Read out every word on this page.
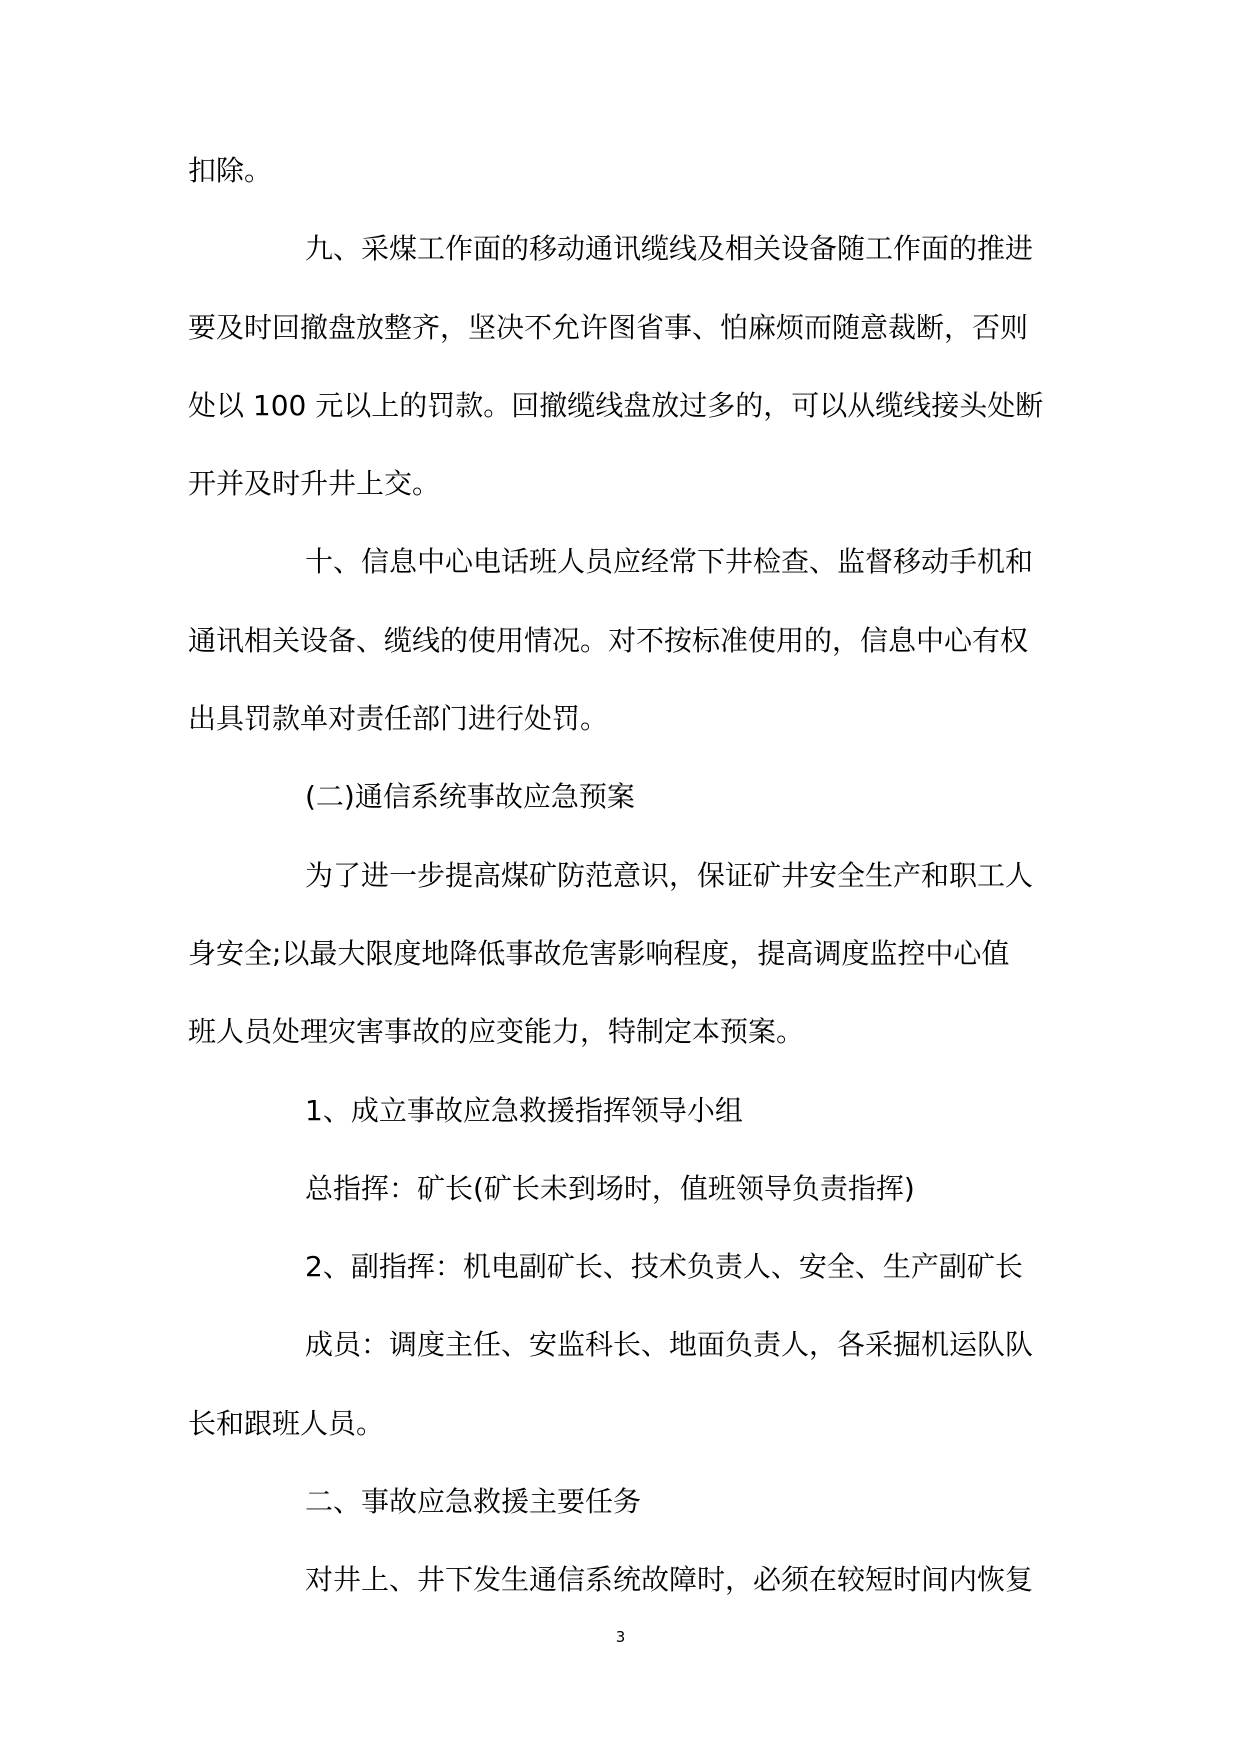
扣除。

九、采煤工作面的移动通讯缆线及相关设备随工作面的推进

要及时回撤盘放整齐，坚决不允许图省事、怕麻烦而随意裁断，否则

处以 100 元以上的罚款。回撤缆线盘放过多的，可以从缆线接头处断

开并及时升井上交。

十、信息中心电话班人员应经常下井检查、监督移动手机和

通讯相关设备、缆线的使用情况。对不按标准使用的，信息中心有权

出具罚款单对责任部门进行处罚。

(二)通信系统事故应急预案

为了进一步提高煤矿防范意识，保证矿井安全生产和职工人

身安全;以最大限度地降低事故危害影响程度，提高调度监控中心值

班人员处理灾害事故的应变能力，特制定本预案。

1、成立事故应急救援指挥领导小组

总指挥：矿长(矿长未到场时，值班领导负责指挥)

2、副指挥：机电副矿长、技术负责人、安全、生产副矿长

成员：调度主任、安监科长、地面负责人，各采掘机运队队

长和跟班人员。

二、事故应急救援主要任务

对井上、井下发生通信系统故障时，必须在较短时间内恢复

3
